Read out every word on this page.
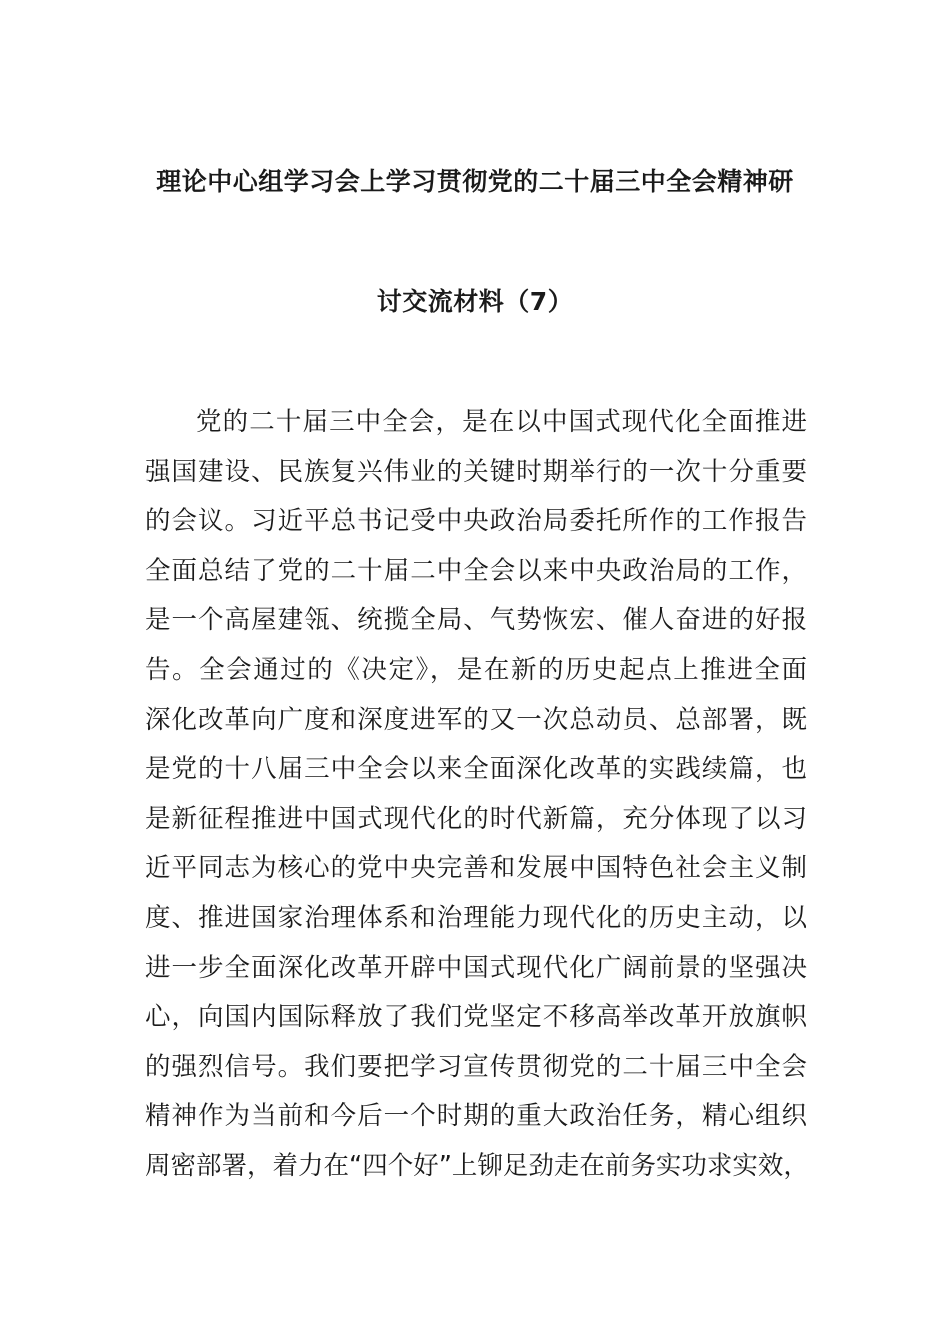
理论中心组学习会上学习贯彻党的二十届三中全会精神研
讨交流材料（7）
党的二十届三中全会，是在以中国式现代化全面推进
强国建设、民族复兴伟业的关键时期举行的一次十分重要
的会议。习近平总书记受中央政治局委托所作的工作报告
全面总结了党的二十届二中全会以来中央政治局的工作，
是一个高屋建瓴、统揽全局、气势恢宏、催人奋进的好报
告。全会通过的《决定》，是在新的历史起点上推进全面
深化改革向广度和深度进军的又一次总动员、总部署，既
是党的十八届三中全会以来全面深化改革的实践续篇，也
是新征程推进中国式现代化的时代新篇，充分体现了以习
近平同志为核心的党中央完善和发展中国特色社会主义制
度、推进国家治理体系和治理能力现代化的历史主动，以
进一步全面深化改革开辟中国式现代化广阔前景的坚强决
心，向国内国际释放了我们党坚定不移高举改革开放旗帜
的强烈信号。我们要把学习宣传贯彻党的二十届三中全会
精神作为当前和今后一个时期的重大政治任务，精心组织
周密部署，着力在“四个好”上铆足劲走在前务实功求实效，
